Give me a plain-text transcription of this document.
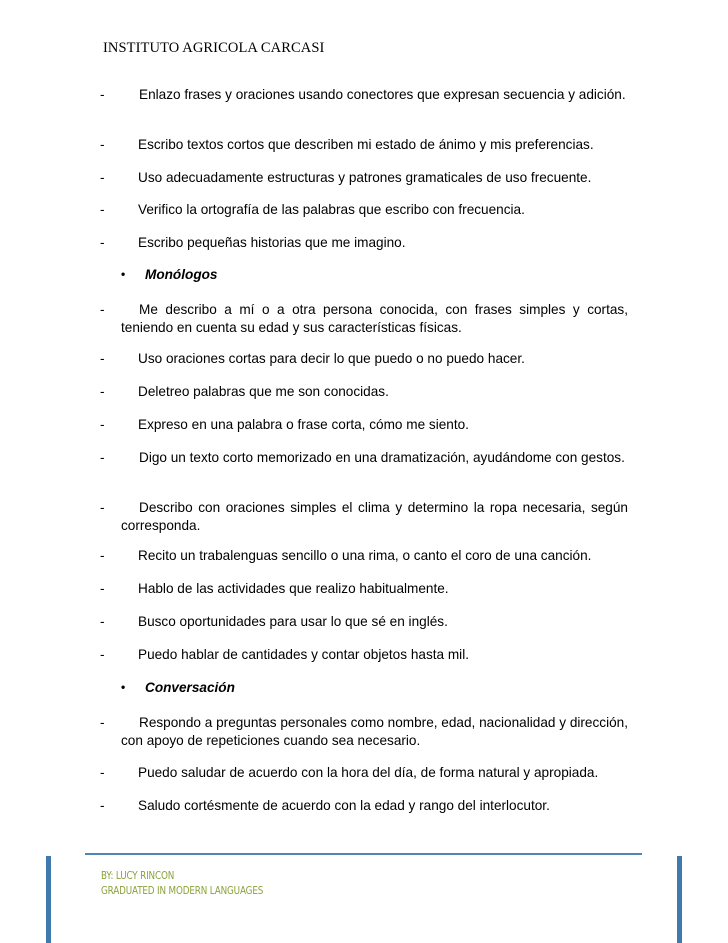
INSTITUTO AGRICOLA CARCASI
-	Enlazo frases y oraciones usando conectores que expresan secuencia y adición.
- Escribo textos cortos que describen mi estado de ánimo y mis preferencias.
- Uso adecuadamente estructuras y patrones gramaticales de uso frecuente.
- Verifico la ortografía de las palabras que escribo con frecuencia.
- Escribo pequeñas historias que me imagino.
• Monólogos
-	Me describo a mí o a otra persona conocida, con frases simples y cortas, teniendo en cuenta su edad y sus características físicas.
- Uso oraciones cortas para decir lo que puedo o no puedo hacer.
- Deletreo palabras que me son conocidas.
- Expreso en una palabra o frase corta, cómo me siento.
-	Digo un texto corto memorizado en una dramatización, ayudándome con gestos.
-	Describo con oraciones simples el clima y determino la ropa necesaria, según corresponda.
- Recito un trabalenguas sencillo o una rima, o canto el coro de una canción.
- Hablo de las actividades que realizo habitualmente.
- Busco oportunidades para usar lo que sé en inglés.
- Puedo hablar de cantidades y contar objetos hasta mil.
• Conversación
-	Respondo a preguntas personales como nombre, edad, nacionalidad y dirección, con apoyo de repeticiones cuando sea necesario.
- Puedo saludar de acuerdo con la hora del día, de forma natural y apropiada.
- Saludo cortésmente de acuerdo con la edad y rango del interlocutor.
BY: LUCY RINCON
GRADUATED IN MODERN LANGUAGES
